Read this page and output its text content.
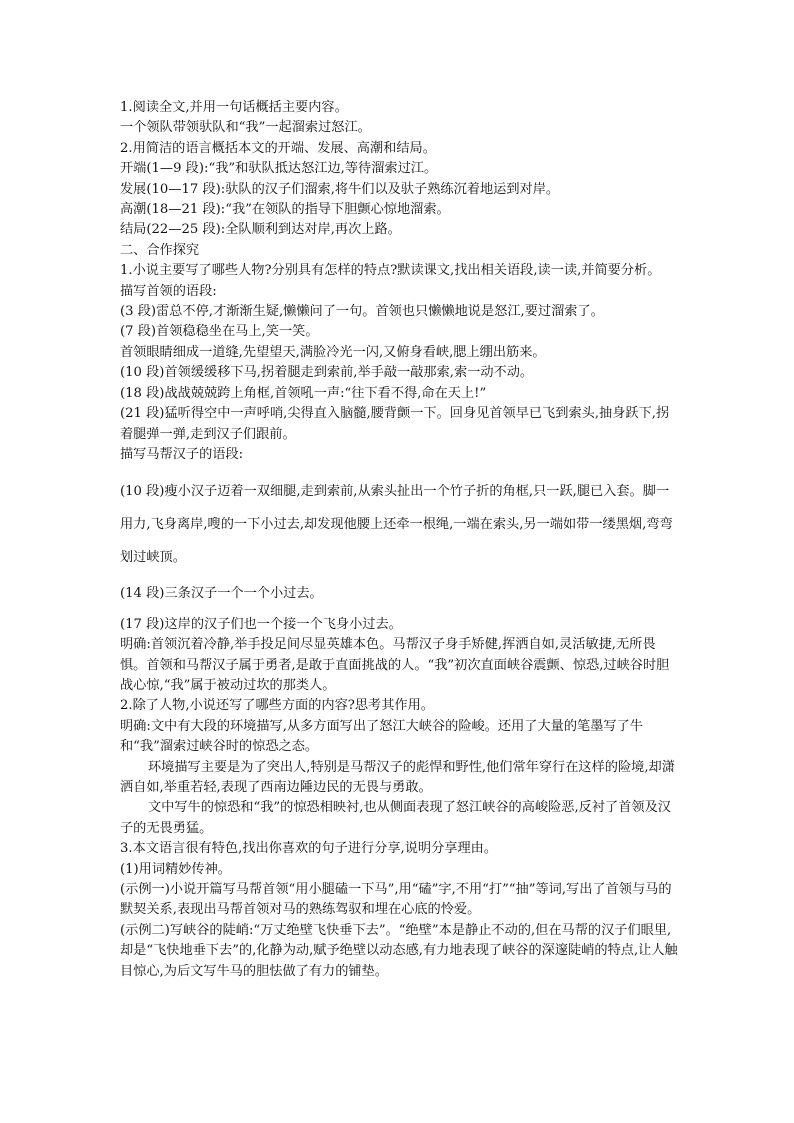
1.阅读全文,并用一句话概括主要内容。
一个领队带领驮队和“我”一起溜索过怒江。
2.用简洁的语言概括本文的开端、发展、高潮和结局。
开端(1—9 段):“我”和驮队抵达怒江边,等待溜索过江。
发展(10—17 段):驮队的汉子们溜索,将牛们以及驮子熟练沉着地运到对岸。
高潮(18—21 段):“我”在领队的指导下胆颤心惊地溜索。
结局(22—25 段):全队顺利到达对岸,再次上路。
二、合作探究
1.小说主要写了哪些人物?分别具有怎样的特点?默读课文,找出相关语段,读一读,并简要分析。
描写首领的语段:
(3 段)雷总不停,才渐渐生疑,懒懒问了一句。首领也只懒懒地说是怒江,要过溜索了。
(7 段)首领稳稳坐在马上,笑一笑。
首领眼睛细成一道缝,先望望天,满脸冷光一闪,又俯身看峡,腮上绷出筋来。
(10 段)首领缓缓移下马,拐着腿走到索前,举手敲一敲那索,索一动不动。
(18 段)战战兢兢跨上角框,首领吼一声:“往下看不得,命在天上!”
(21 段)猛听得空中一声呼哨,尖得直入脑髓,腰背颤一下。回身见首领早已飞到索头,抽身跃下,拐着腿弹一弹,走到汉子们跟前。
描写马帮汉子的语段:
(10 段)瘦小汉子迈着一双细腿,走到索前,从索头扯出一个竹子折的角框,只一跃,腿已入套。脚一用力,飞身离岸,嗖的一下小过去,却发现他腰上还牵一根绳,一端在索头,另一端如带一缕黑烟,弯弯划过峡顶。
(14 段)三条汉子一个一个小过去。
(17 段)这岸的汉子们也一个接一个飞身小过去。
明确:首领沉着冷静,举手投足间尽显英雄本色。马帮汉子身手矫健,挥洒自如,灵活敏捷,无所畏惧。首领和马帮汉子属于勇者,是敢于直面挑战的人。“我”初次直面峡谷震颤、惊恐,过峡谷时胆战心惊,“我”属于被动过坎的那类人。
2.除了人物,小说还写了哪些方面的内容?思考其作用。
明确:文中有大段的环境描写,从多方面写出了怒江大峡谷的险峻。还用了大量的笔墨写了牛和“我”溜索过峡谷时的惊恐之态。
环境描写主要是为了突出人,特别是马帮汉子的彪悍和野性,他们常年穿行在这样的险境,却潇洒自如,举重若轻,表现了西南边陲边民的无畏与勇敢。
文中写牛的惊恐和“我”的惊恐相映衬,也从侧面表现了怒江峡谷的高峻险恶,反衬了首领及汉子的无畏勇猛。
3.本文语言很有特色,找出你喜欢的句子进行分享,说明分享理由。
(1)用词精妙传神。
(示例一)小说开篇写马帮首领“用小腿磕一下马”,用“磕”字,不用“打”“抽”等词,写出了首领与马的默契关系,表现出马帮首领对马的熟练驾驭和埋在心底的怜爱。
(示例二)写峡谷的陡峭:“万丈绝壁飞快垂下去”。“绝壁”本是静止不动的,但在马帮的汉子们眼里,却是“飞快地垂下去”的,化静为动,赋予绝壁以动态感,有力地表现了峡谷的深邃陡峭的特点,让人触目惊心,为后文写牛马的胆怯做了有力的铺垫。
